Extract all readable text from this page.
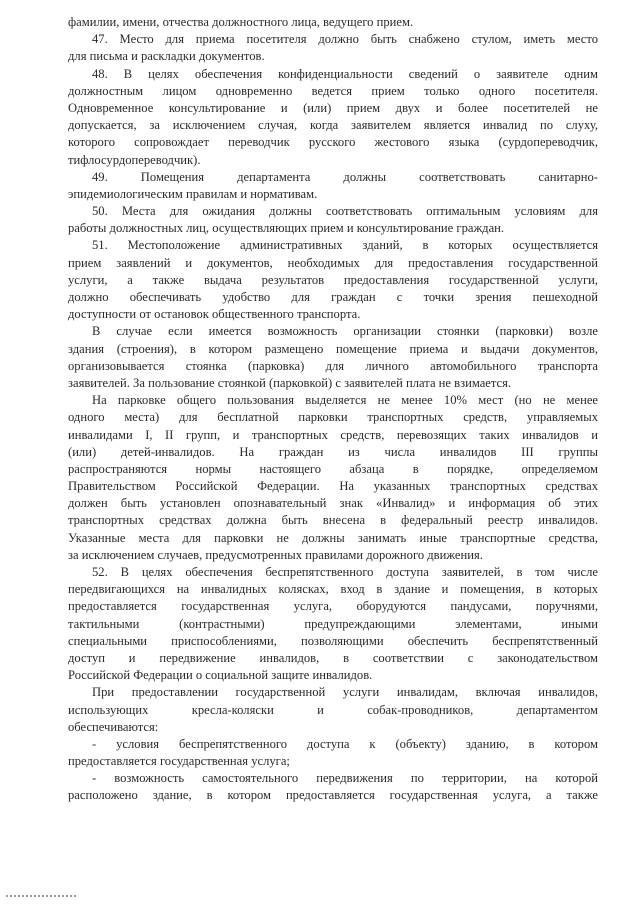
фамилии, имени, отчества должностного лица, ведущего прием.
47. Место для приема посетителя должно быть снабжено стулом, иметь место
для письма и раскладки документов.
48. В целях обеспечения конфиденциальности сведений о заявителе одним
должностным лицом одновременно ведется прием только одного посетителя.
Одновременное консультирование и (или) прием двух и более посетителей не
допускается, за исключением случая, когда заявителем является инвалид по слуху,
которого сопровождает переводчик русского жестового языка (сурдопереводчик,
тифлосурдопереводчик).
49. Помещения департамента должны соответствовать санитарно-
эпидемиологическим правилам и нормативам.
50. Места для ожидания должны соответствовать оптимальным условиям для
работы должностных лиц, осуществляющих прием и консультирование граждан.
51. Местоположение административных зданий, в которых осуществляется
прием заявлений и документов, необходимых для предоставления государственной
услуги, а также выдача результатов предоставления государственной услуги,
должно обеспечивать удобство для граждан с точки зрения пешеходной
доступности от остановок общественного транспорта.
В случае если имеется возможность организации стоянки (парковки) возле
здания (строения), в котором размещено помещение приема и выдачи документов,
организовывается стоянка (парковка) для личного автомобильного транспорта
заявителей. За пользование стоянкой (парковкой) с заявителей плата не взимается.
На парковке общего пользования выделяется не менее 10% мест (но не менее
одного места) для бесплатной парковки транспортных средств, управляемых
инвалидами I, II групп, и транспортных средств, перевозящих таких инвалидов и
(или) детей-инвалидов. На граждан из числа инвалидов III группы
распространяются нормы настоящего абзаца в порядке, определяемом
Правительством Российской Федерации. На указанных транспортных средствах
должен быть установлен опознавательный знак «Инвалид» и информация об этих
транспортных средствах должна быть внесена в федеральный реестр инвалидов.
Указанные места для парковки не должны занимать иные транспортные средства,
за исключением случаев, предусмотренных правилами дорожного движения.
52. В целях обеспечения беспрепятственного доступа заявителей, в том числе
передвигающихся на инвалидных колясках, вход в здание и помещения, в которых
предоставляется государственная услуга, оборудуются пандусами, поручнями,
тактильными (контрастными) предупреждающими элементами, иными
специальными приспособлениями, позволяющими обеспечить беспрепятственный
доступ и передвижение инвалидов, в соответствии с законодательством
Российской Федерации о социальной защите инвалидов.
При предоставлении государственной услуги инвалидам, включая инвалидов,
использующих кресла-коляски и собак-проводников, департаментом
обеспечиваются:
- условия беспрепятственного доступа к (объекту) зданию, в котором
предоставляется государственная услуга;
- возможность самостоятельного передвижения по территории, на которой
расположено здание, в котором предоставляется государственная услуга, а также
